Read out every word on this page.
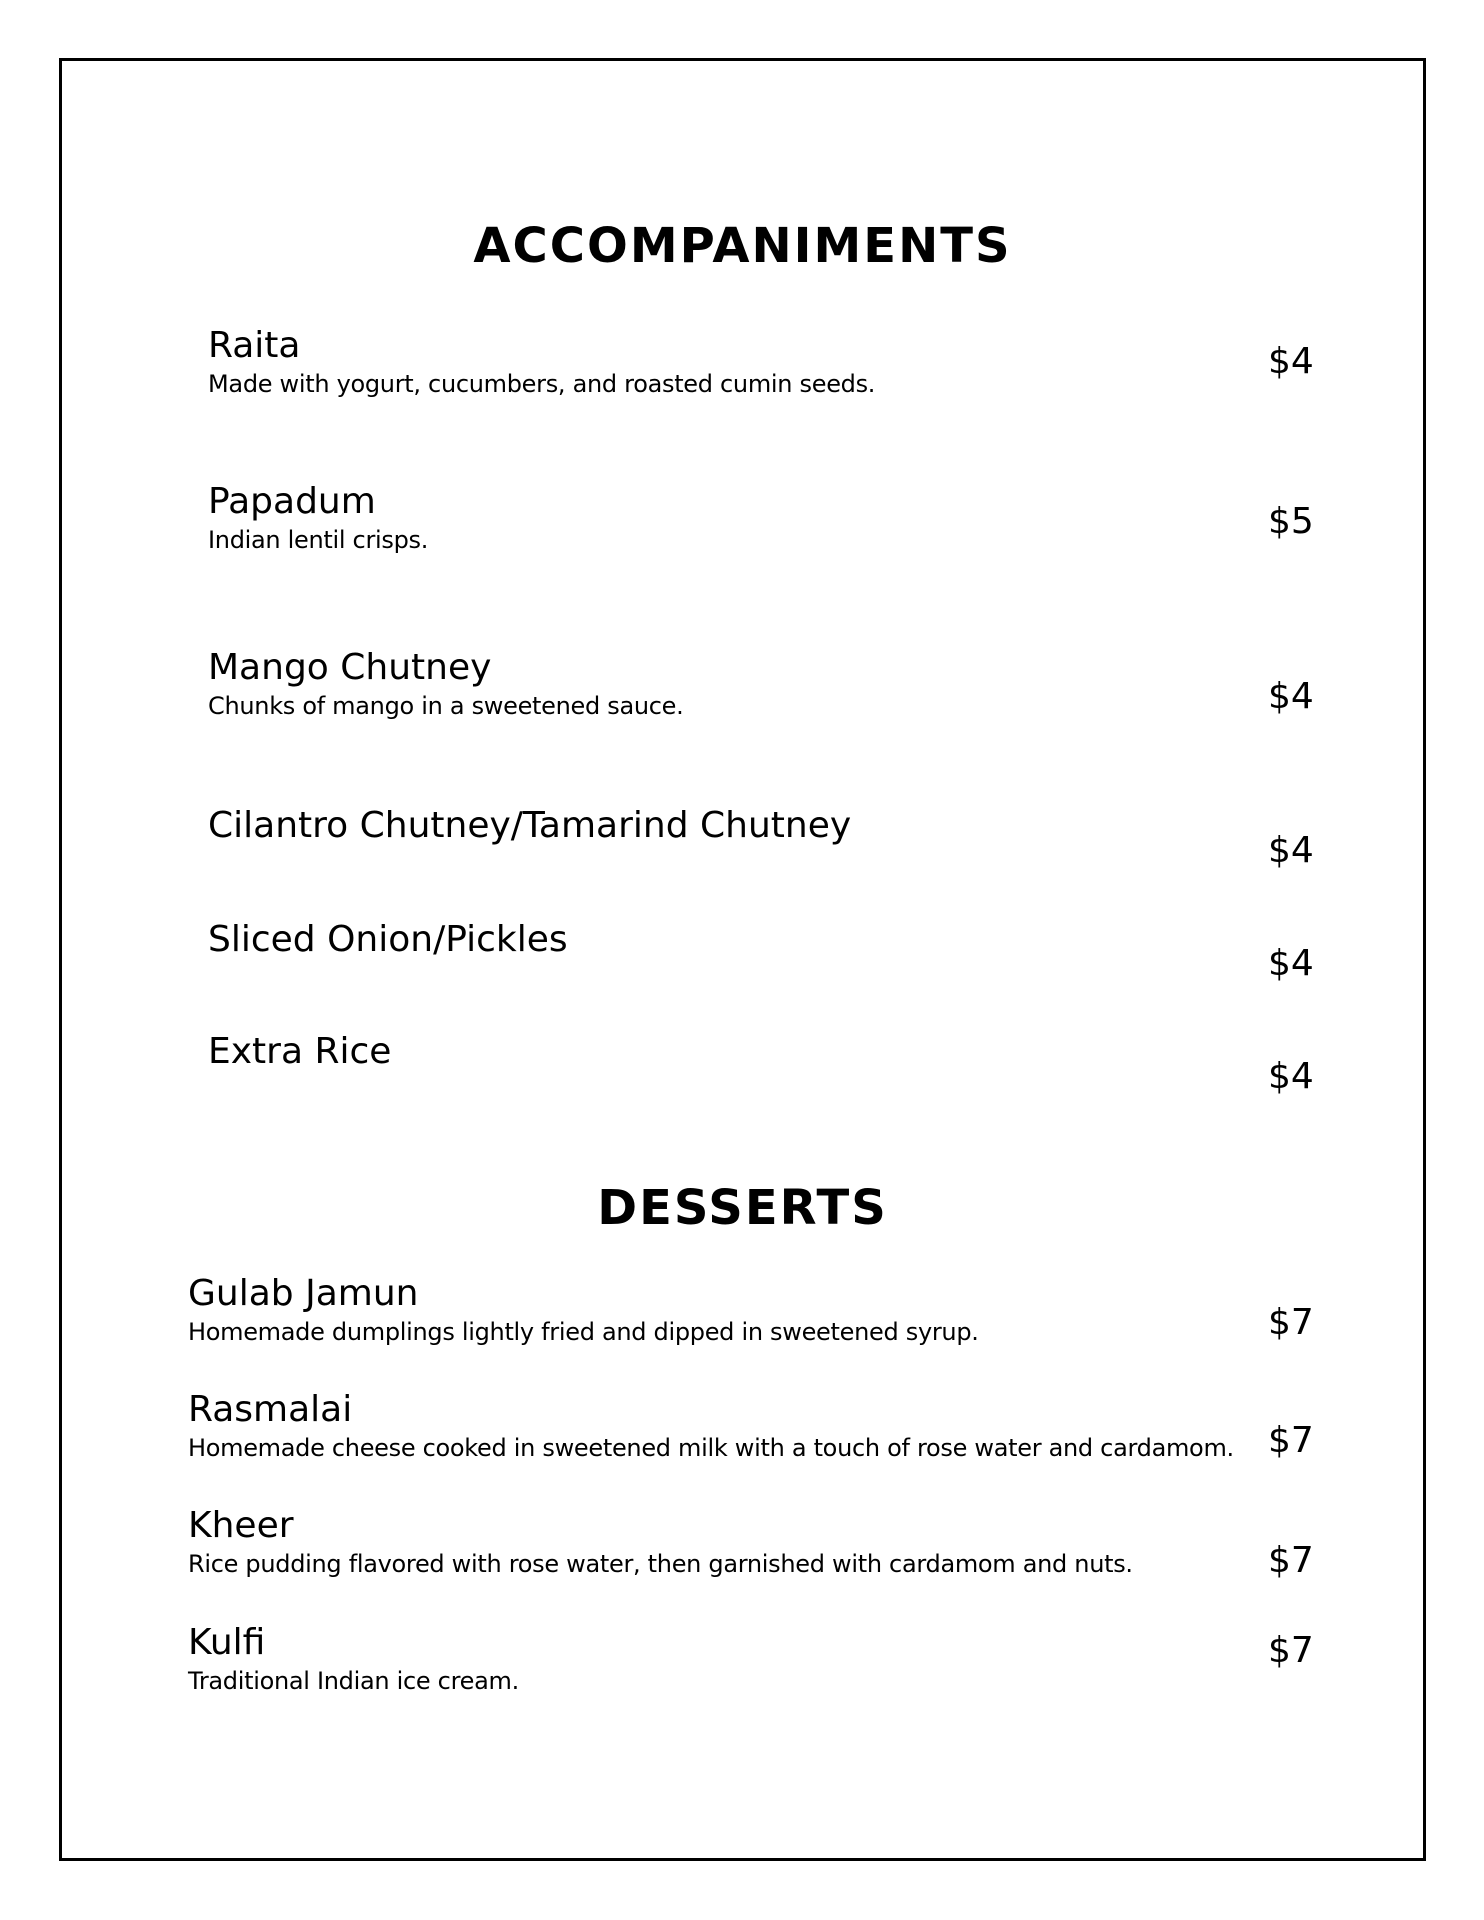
ACCOMPANIMENTS
Raita
Made with yogurt, cucumbers, and roasted cumin seeds.
$4
Papadum
Indian lentil crisps.	$5
Mango Chutney
Chunks of mango in a sweetened sauce.	$4
Cilantro Chutney/Tamarind Chutney
$4
Sliced Onion/Pickles
$4
Extra Rice
$4
DESSERTS
Gulab Jamun
Homemade dumplings lightly fried and dipped in sweetened syrup.	$7
Rasmalai
Homemade cheese cooked in sweetened milk with a touch of rose water and cardamom. $7
Kheer
Rice pudding flavored with rose water, then garnished with cardamom and nuts.	$7
Kulfi
Traditional Indian ice cream.
$7
